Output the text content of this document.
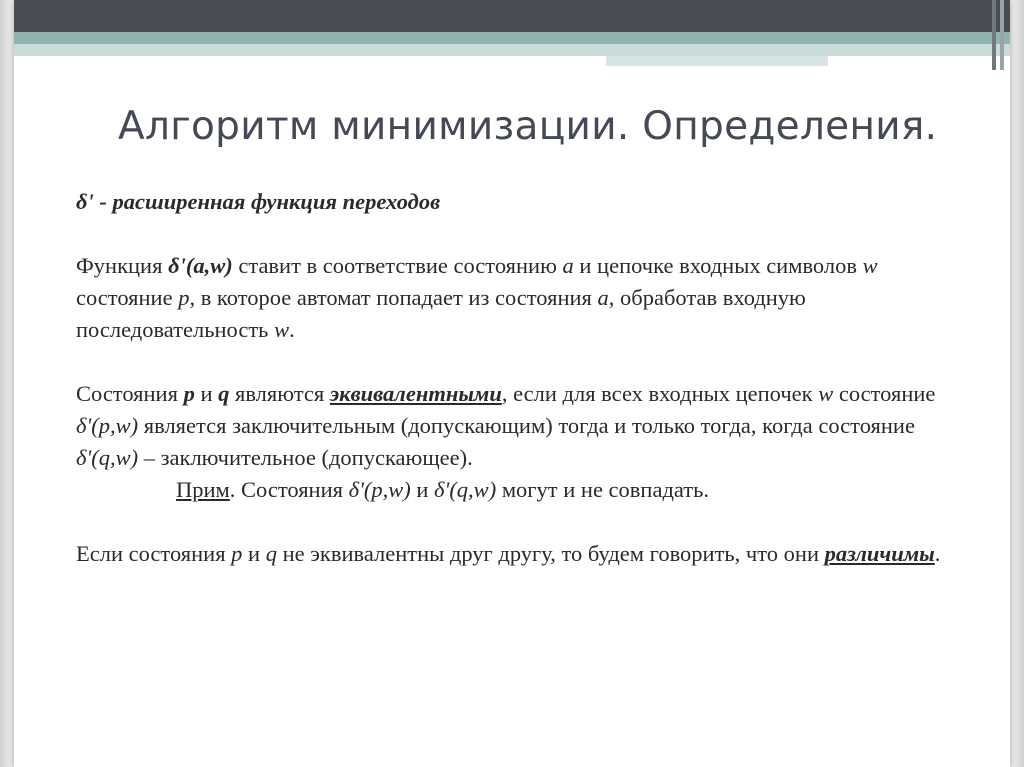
Алгоритм минимизации. Определения.

δ' - расширенная функция переходов

Функция δ'(a,w) ставит в соответствие состоянию a и цепочке входных символов w состояние p, в которое автомат попадает из состояния a, обработав входную последовательность w.

Состояния p и q являются эквивалентными, если для всех входных цепочек w состояние δ'(p,w) является заключительным (допускающим) тогда и только тогда, когда состояние δ'(q,w) – заключительное (допускающее).

Прим. Состояния δ'(p,w) и δ'(q,w) могут и не совпадать.

Если состояния p и q не эквивалентны друг другу, то будем говорить, что они различимы.
